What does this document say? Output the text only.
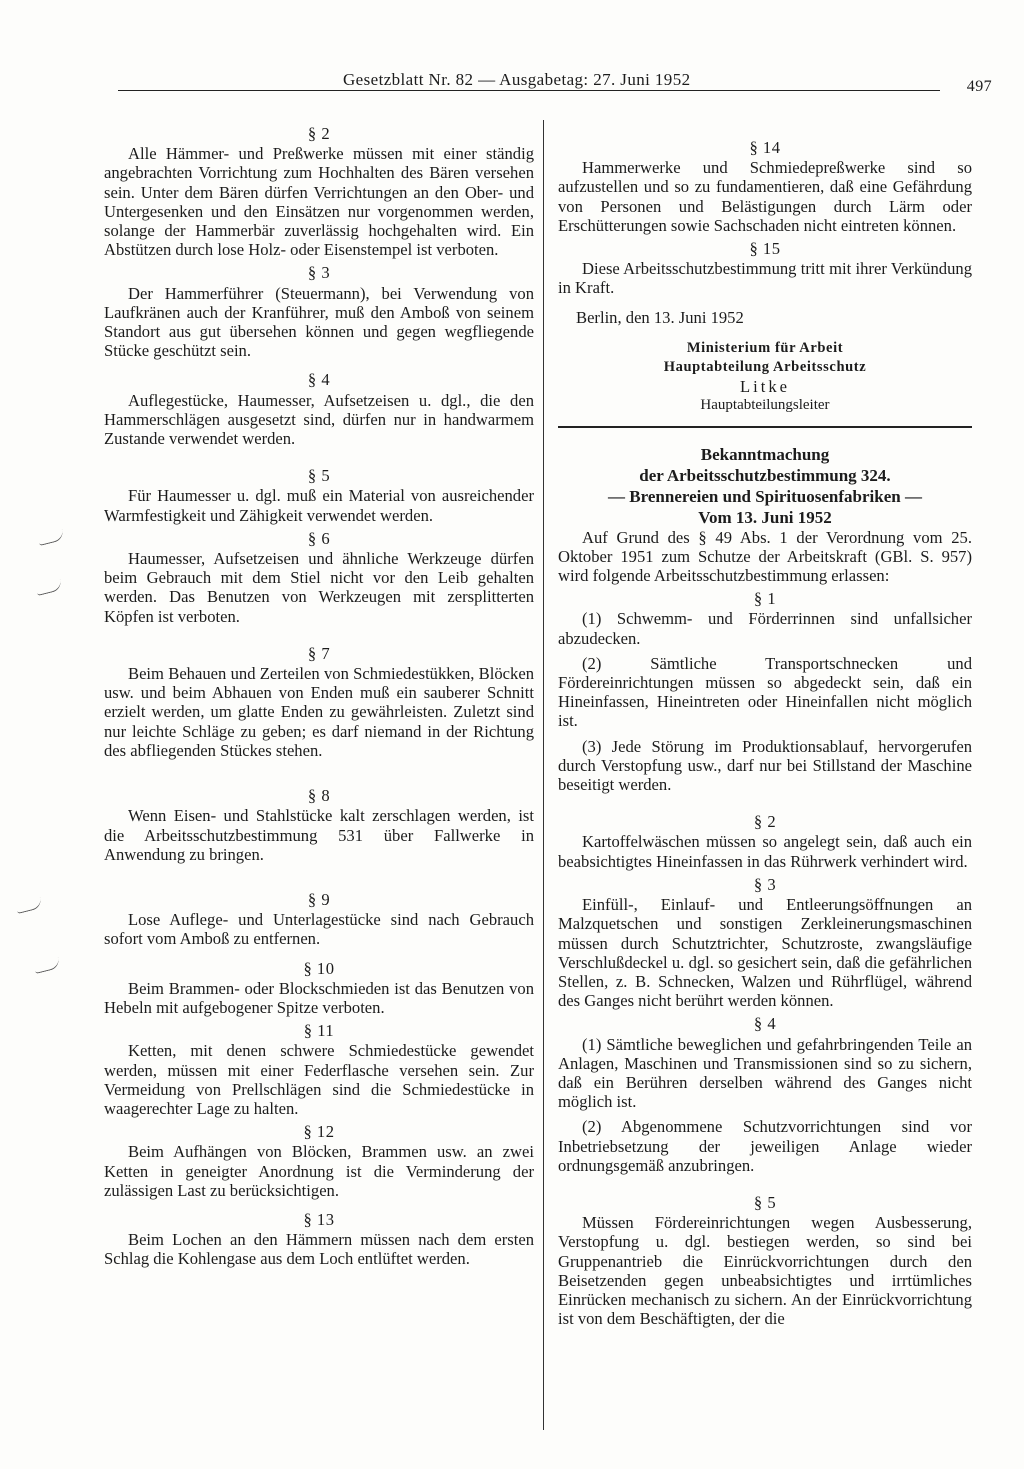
Gesetzblatt Nr. 82 — Ausgabetag: 27. Juni 1952	497

§ 2

Alle Hämmer- und Preßwerke müssen mit einer ständig angebrachten Vorrichtung zum Hochhalten des Bären versehen sein. Unter dem Bären dürfen Verrichtungen an den Ober- und Untergesenken und den Einsätzen nur vorgenommen werden, solange der Hammerbär zuverlässig hochgehalten wird. Ein Abstützen durch lose Holz- oder Eisenstempel ist verboten.

§ 3

Der Hammerführer (Steuermann), bei Verwendung von Laufkränen auch der Kranführer, muß den Amboß von seinem Standort aus gut übersehen können und gegen wegfliegende Stücke geschützt sein.

§ 4

Auflegestücke, Haumesser, Aufsetzeisen u. dgl., die den Hammerschlägen ausgesetzt sind, dürfen nur in handwarmem Zustande verwendet werden.

§ 5

Für Haumesser u. dgl. muß ein Material von ausreichender Warmfestigkeit und Zähigkeit verwendet werden.

§ 6

Haumesser, Aufsetzeisen und ähnliche Werkzeuge dürfen beim Gebrauch mit dem Stiel nicht vor den Leib gehalten werden. Das Benutzen von Werkzeugen mit zersplitterten Köpfen ist verboten.

§ 7

Beim Behauen und Zerteilen von Schmiedestükken, Blöcken usw. und beim Abhauen von Enden muß ein sauberer Schnitt erzielt werden, um glatte Enden zu gewährleisten. Zuletzt sind nur leichte Schläge zu geben; es darf niemand in der Richtung des abfliegenden Stückes stehen.

§ 8

Wenn Eisen- und Stahlstücke kalt zerschlagen werden, ist die Arbeitsschutzbestimmung 531 über Fallwerke in Anwendung zu bringen.

§ 9

Lose Auflege- und Unterlagestücke sind nach Gebrauch sofort vom Amboß zu entfernen.

§ 10

Beim Brammen- oder Blockschmieden ist das Benutzen von Hebeln mit aufgebogener Spitze verboten.

§ 11

Ketten, mit denen schwere Schmiedestücke gewendet werden, müssen mit einer Federflasche versehen sein. Zur Vermeidung von Prellschlägen sind die Schmiedestücke in waagerechter Lage zu halten.

§ 12

Beim Aufhängen von Blöcken, Brammen usw. an zwei Ketten in geneigter Anordnung ist die Verminderung der zulässigen Last zu berücksichtigen.

§ 13

Beim Lochen an den Hämmern müssen nach dem ersten Schlag die Kohlengase aus dem Loch entlüftet werden.

§ 14

Hammerwerke und Schmiedepreßwerke sind so aufzustellen und so zu fundamentieren, daß eine Gefährdung von Personen und Belästigungen durch Lärm oder Erschütterungen sowie Sachschaden nicht eintreten können.

§ 15

Diese Arbeitsschutzbestimmung tritt mit ihrer Verkündung in Kraft.

Berlin, den 13. Juni 1952

Ministerium für Arbeit

Hauptabteilung Arbeitsschutz

Litke

Hauptabteilungsleiter

Bekanntmachung

der Arbeitsschutzbestimmung 324.

— Brennereien und Spirituosenfabriken —

Vom 13. Juni 1952

Auf Grund des § 49 Abs. 1 der Verordnung vom 25. Oktober 1951 zum Schutze der Arbeitskraft (GBl. S. 957) wird folgende Arbeitsschutzbestimmung erlassen:

§ 1

(1) Schwemm- und Förderrinnen sind unfallsicher abzudecken.

(2) Sämtliche Transportschnecken und Fördereinrichtungen müssen so abgedeckt sein, daß ein Hineinfassen, Hineintreten oder Hineinfallen nicht möglich ist.

(3) Jede Störung im Produktionsablauf, hervorgerufen durch Verstopfung usw., darf nur bei Stillstand der Maschine beseitigt werden.

§ 2

Kartoffelwäschen müssen so angelegt sein, daß auch ein beabsichtigtes Hineinfassen in das Rührwerk verhindert wird.

§ 3

Einfüll-, Einlauf- und Entleerungsöffnungen an Malzquetschen und sonstigen Zerkleinerungsmaschinen müssen durch Schutztrichter, Schutzroste, zwangsläufige Verschlußdeckel u. dgl. so gesichert sein, daß die gefährlichen Stellen, z. B. Schnecken, Walzen und Rührflügel, während des Ganges nicht berührt werden können.

§ 4

(1) Sämtliche beweglichen und gefahrbringenden Teile an Anlagen, Maschinen und Transmissionen sind so zu sichern, daß ein Berühren derselben während des Ganges nicht möglich ist.

(2) Abgenommene Schutzvorrichtungen sind vor Inbetriebsetzung der jeweiligen Anlage wieder ordnungsgemäß anzubringen.

§ 5

Müssen Fördereinrichtungen wegen Ausbesserung, Verstopfung u. dgl. bestiegen werden, so sind bei Gruppenantrieb die Einrückvorrichtungen durch den Beisetzenden gegen unbeabsichtigtes und irrtümliches Einrücken mechanisch zu sichern. An der Einrückvorrichtung ist von dem Beschäftigten, der die
